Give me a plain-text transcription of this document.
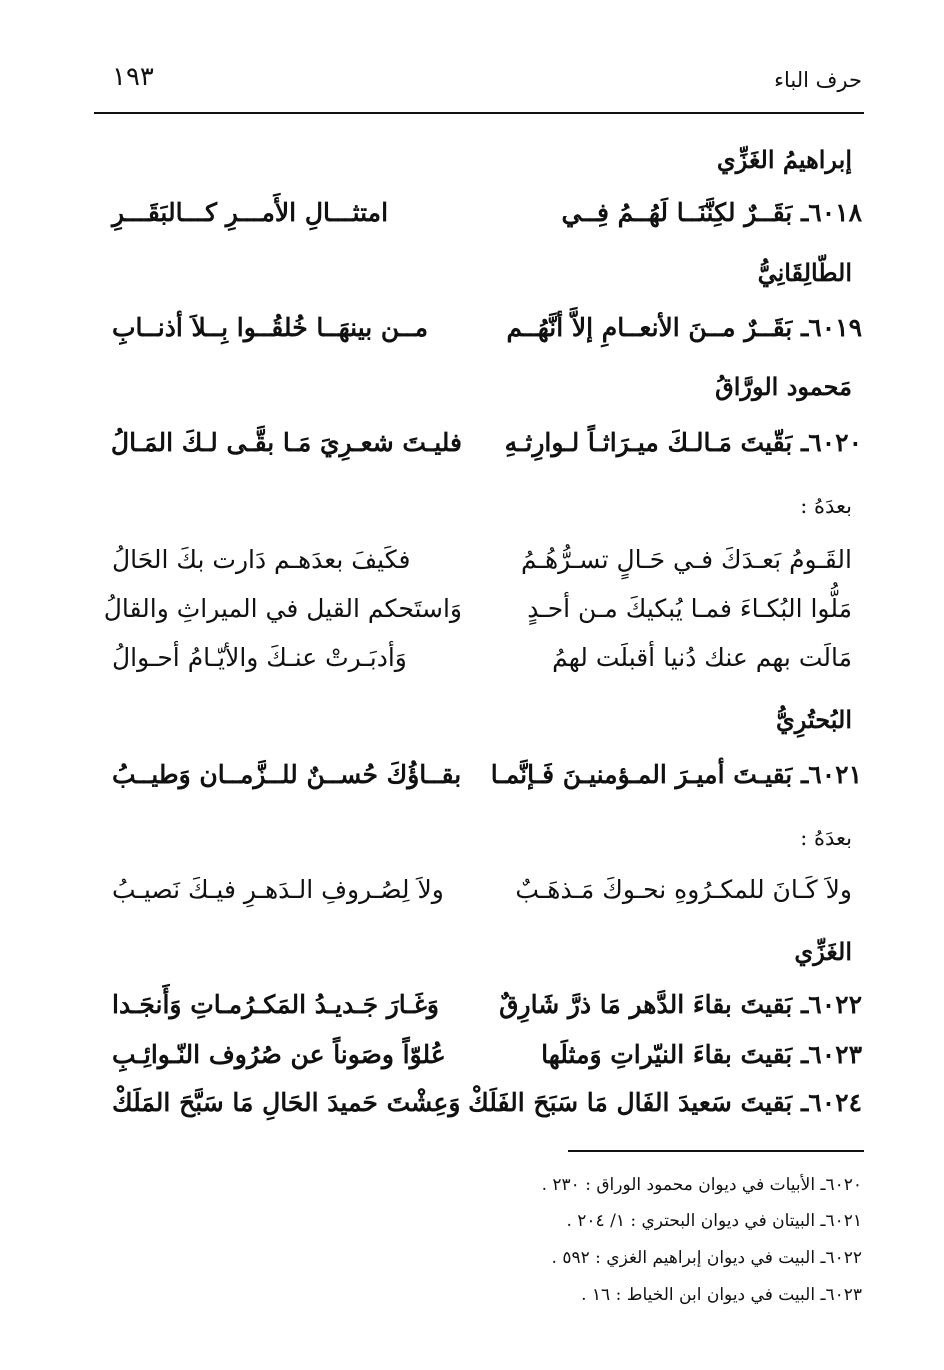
حرف الباء
١٩٣
إبراهيمُ الغَزِّي
٦٠١٨ـ بَقَــرٌ لكِنَّنَــا لَهُــمُ فِــي
امتثـــالِ الأَمـــرِ كـــالبَقَـــرِ
الطّالِقَانِيُّ
٦٠١٩ـ بَقَــرٌ مــنَ الأنعــامِ إلاَّ أنَّهُــم
مــن بينهَــا خُلقُــوا بِــلاَ أذنــابِ
مَحمود الورَّاقُ
٦٠٢٠ـ بَقّيتَ مَـالـكَ ميـرَاثـاً لـوارِثـهِ
فليـتَ شعـرِيَ مَـا بقَّـى لـكَ المَـالُ
بعدَهُ :
القَـومُ بَعـدَكَ فـي حَـالٍ تسـرُّهُـمُ
فكَيفَ بعدَهـم دَارت بكَ الحَالُ
مَلُّوا البُكـاءَ فمـا يُبكيكَ مـن أحـدٍ
وَاستَحكم القيل في الميراثِ والقالُ
مَالَت بهم عنك دُنيا أقبلَت لهمُ
وَأدبَـرتْ عنـكَ والأيّـامُ أحـوالُ
البُحتُرِيُّ
٦٠٢١ـ بَقيـتَ أميـرَ المـؤمنيـنَ فَـإنَّمـا
بقــاؤُكَ حُســنٌ للــزَّمــان وَطيــبُ
بعدَهُ :
ولاَ كَـانَ للمكـرُوهِ نحـوكَ مَـذهَـبٌ
ولاَ لِصُـروفِ الـدَهـرِ فيـكَ نَصيـبُ
الغَزِّي
٦٠٢٢ـ بَقيتَ بقاءَ الدَّهر مَا ذرَّ شَارِقٌ
وَغَـارَ جَـديـدُ المَكـرُمـاتِ وَأَنجَـدا
٦٠٢٣ـ بَقيتَ بقاءَ النيّراتِ وَمثلَها
عُلوّاً وصَوناً عن صُرُوف النّـوائِـبِ
٦٠٢٤ـ بَقيتَ سَعيدَ الفَال مَا سَبَحَ الفَلَكْ
وَعِشْتَ حَميدَ الحَالِ مَا سَبَّحَ المَلَكْ
٦٠٢٠ـ الأبيات في ديوان محمود الوراق : ٢٣٠ .
٦٠٢١ـ البيتان في ديوان البحتري : ١/ ٢٠٤ .
٦٠٢٢ـ البيت في ديوان إبراهيم الغزي : ٥٩٢ .
٦٠٢٣ـ البيت في ديوان ابن الخياط : ١٦ .
